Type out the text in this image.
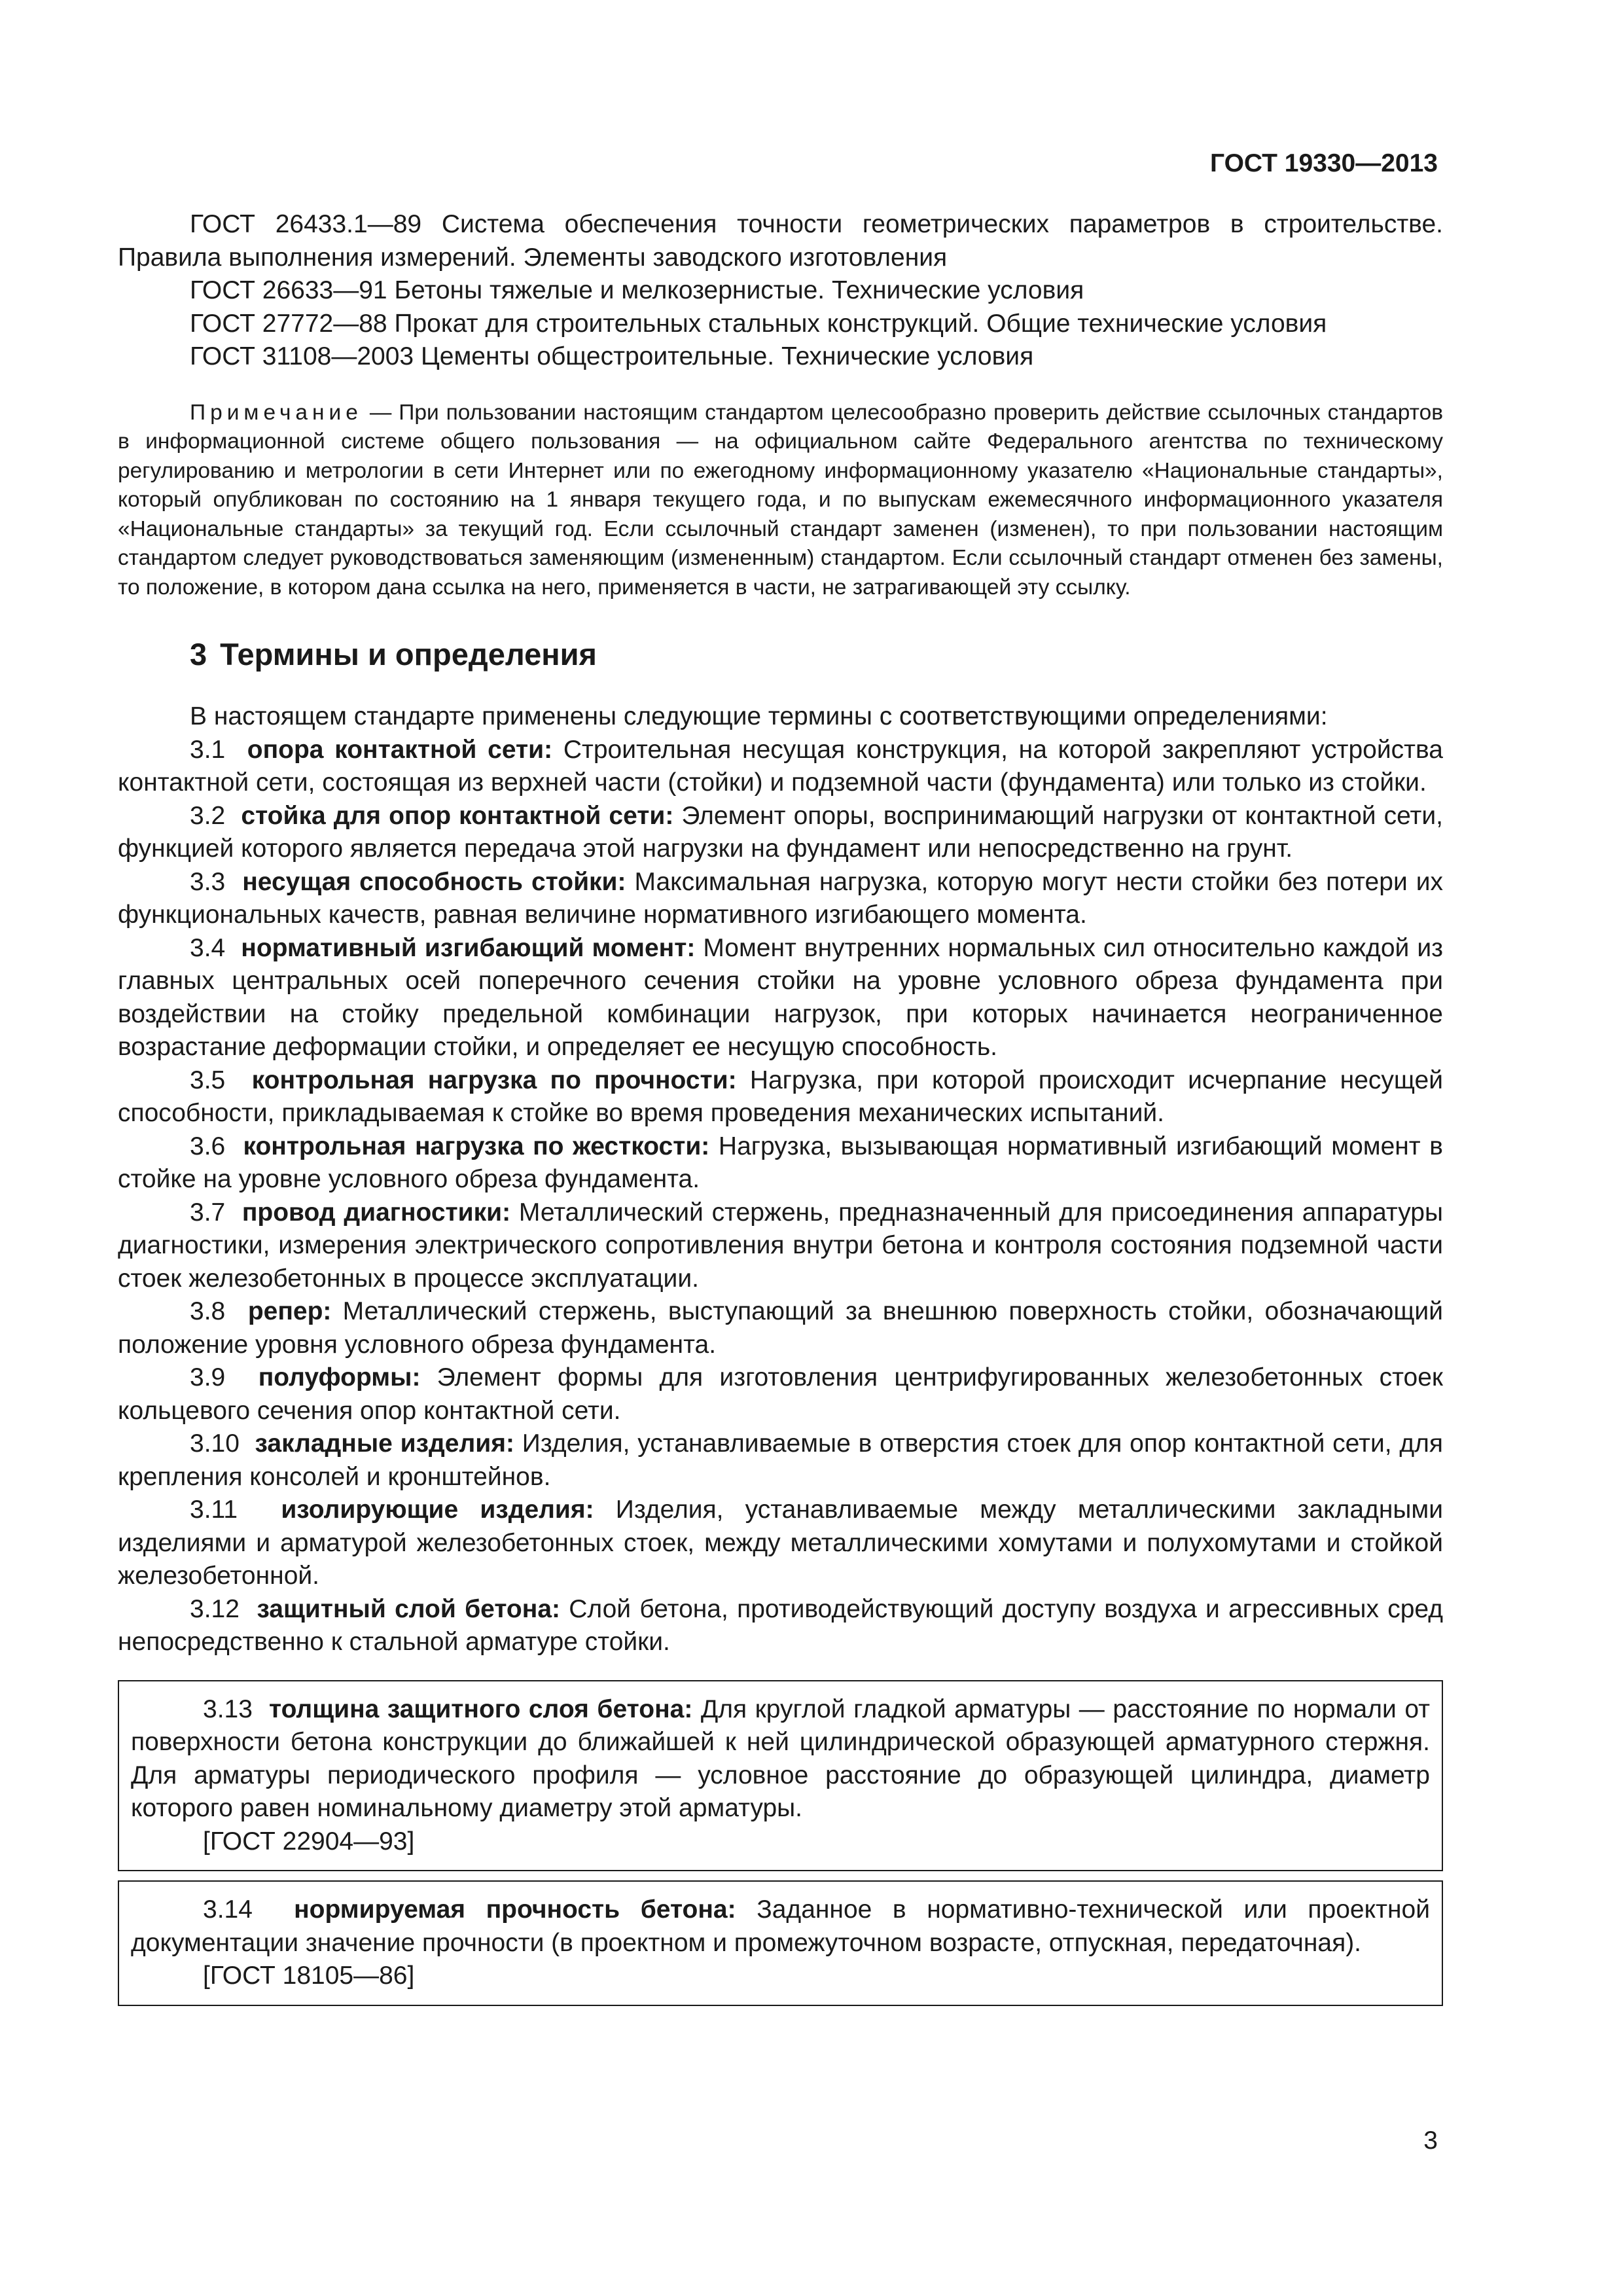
ГОСТ 19330—2013

ГОСТ 26433.1—89 Система обеспечения точности геометрических параметров в строительстве. Правила выполнения измерений. Элементы заводского изготовления

ГОСТ 26633—91 Бетоны тяжелые и мелкозернистые. Технические условия

ГОСТ 27772—88 Прокат для строительных стальных конструкций. Общие технические условия

ГОСТ 31108—2003 Цементы общестроительные. Технические условия

Примечание — При пользовании настоящим стандартом целесообразно проверить действие ссылочных стандартов в информационной системе общего пользования — на официальном сайте Федерального агентства по техническому регулированию и метрологии в сети Интернет или по ежегодному информационному указателю «Национальные стандарты», который опубликован по состоянию на 1 января текущего года, и по выпускам ежемесячного информационного указателя «Национальные стандарты» за текущий год. Если ссылочный стандарт заменен (изменен), то при пользовании настоящим стандартом следует руководствоваться заменяющим (измененным) стандартом. Если ссылочный стандарт отменен без замены, то положение, в котором дана ссылка на него, применяется в части, не затрагивающей эту ссылку.
3 Термины и определения

В настоящем стандарте применены следующие термины с соответствующими определениями:

3.1 опора контактной сети: Строительная несущая конструкция, на которой закрепляют устройства контактной сети, состоящая из верхней части (стойки) и подземной части (фундамента) или только из стойки.

3.2 стойка для опор контактной сети: Элемент опоры, воспринимающий нагрузки от контактной сети, функцией которого является передача этой нагрузки на фундамент или непосредственно на грунт.

3.3 несущая способность стойки: Максимальная нагрузка, которую могут нести стойки без потери их функциональных качеств, равная величине нормативного изгибающего момента.

3.4 нормативный изгибающий момент: Момент внутренних нормальных сил относительно каждой из главных центральных осей поперечного сечения стойки на уровне условного обреза фундамента при воздействии на стойку предельной комбинации нагрузок, при которых начинается неограниченное возрастание деформации стойки, и определяет ее несущую способность.

3.5 контрольная нагрузка по прочности: Нагрузка, при которой происходит исчерпание несущей способности, прикладываемая к стойке во время проведения механических испытаний.

3.6 контрольная нагрузка по жесткости: Нагрузка, вызывающая нормативный изгибающий момент в стойке на уровне условного обреза фундамента.

3.7 провод диагностики: Металлический стержень, предназначенный для присоединения аппаратуры диагностики, измерения электрического сопротивления внутри бетона и контроля состояния подземной части стоек железобетонных в процессе эксплуатации.

3.8 репер: Металлический стержень, выступающий за внешнюю поверхность стойки, обозначающий положение уровня условного обреза фундамента.

3.9 полуформы: Элемент формы для изготовления центрифугированных железобетонных стоек кольцевого сечения опор контактной сети.

3.10 закладные изделия: Изделия, устанавливаемые в отверстия стоек для опор контактной сети, для крепления консолей и кронштейнов.

3.11 изолирующие изделия: Изделия, устанавливаемые между металлическими закладными изделиями и арматурой железобетонных стоек, между металлическими хомутами и полухомутами и стойкой железобетонной.

3.12 защитный слой бетона: Слой бетона, противодействующий доступу воздуха и агрессивных сред непосредственно к стальной арматуре стойки.

3.13 толщина защитного слоя бетона: Для круглой гладкой арматуры — расстояние по нормали от поверхности бетона конструкции до ближайшей к ней цилиндрической образующей арматурного стержня. Для арматуры периодического профиля — условное расстояние до образующей цилиндра, диаметр которого равен номинальному диаметру этой арматуры.

[ГОСТ 22904—93]

3.14 нормируемая прочность бетона: Заданное в нормативно-технической или проектной документации значение прочности (в проектном и промежуточном возрасте, отпускная, передаточная).

[ГОСТ 18105—86]

3
